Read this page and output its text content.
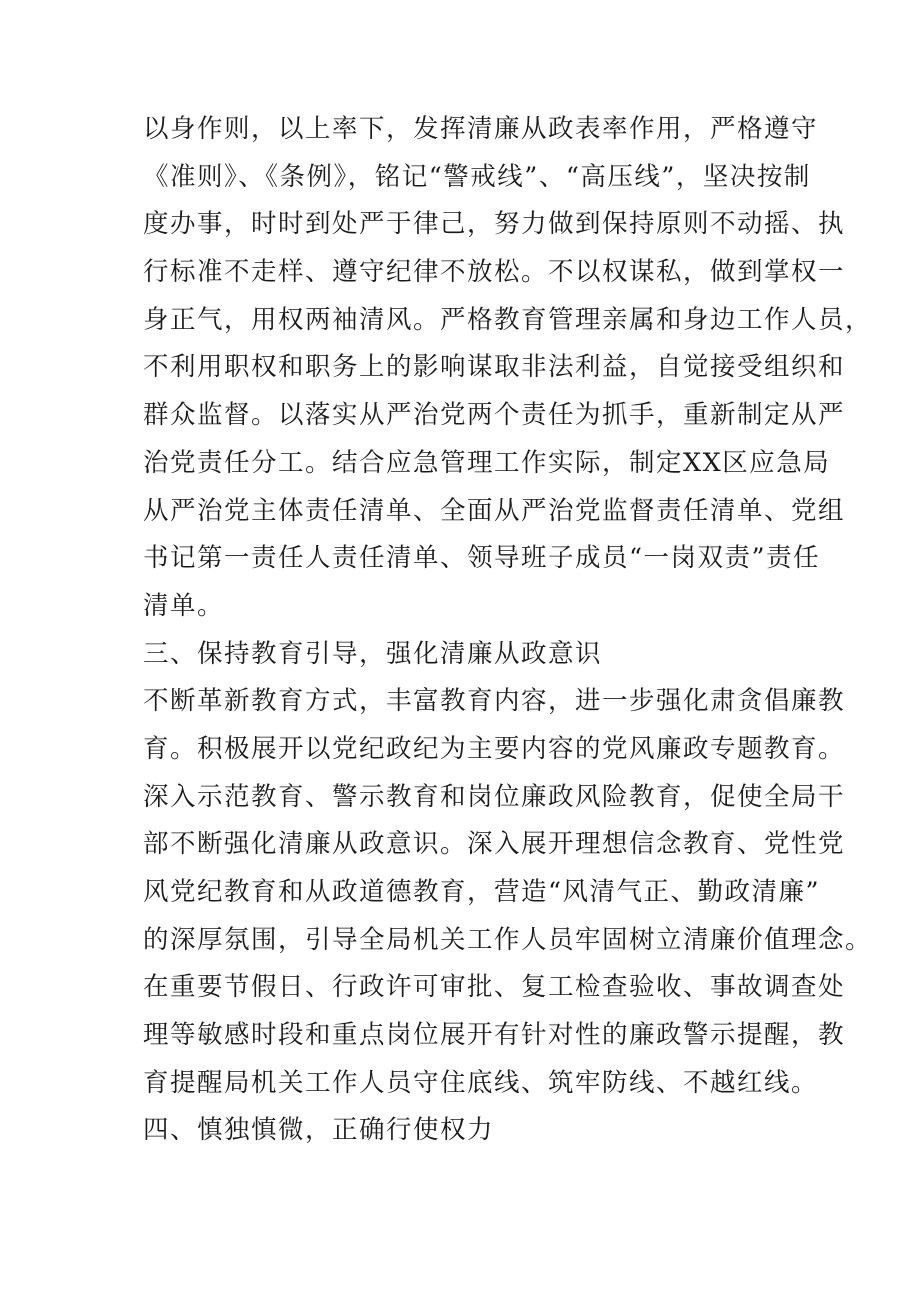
以身作则，以上率下，发挥清廉从政表率作用，严格遵守
《准则》、《条例》，铭记“警戒线”、“高压线”，坚决按制
度办事，时时到处严于律己，努力做到保持原则不动摇、执
行标准不走样、遵守纪律不放松。不以权谋私，做到掌权一
身正气，用权两袖清风。严格教育管理亲属和身边工作人员，
不利用职权和职务上的影响谋取非法利益，自觉接受组织和
群众监督。以落实从严治党两个责任为抓手，重新制定从严
治党责任分工。结合应急管理工作实际，制定XX区应急局
从严治党主体责任清单、全面从严治党监督责任清单、党组
书记第一责任人责任清单、领导班子成员“一岗双责”责任
清单。
三、保持教育引导，强化清廉从政意识
不断革新教育方式，丰富教育内容，进一步强化肃贪倡廉教
育。积极展开以党纪政纪为主要内容的党风廉政专题教育。
深入示范教育、警示教育和岗位廉政风险教育，促使全局干
部不断强化清廉从政意识。深入展开理想信念教育、党性党
风党纪教育和从政道德教育，营造“风清气正、勤政清廉”
的深厚氛围，引导全局机关工作人员牢固树立清廉价值理念。
在重要节假日、行政许可审批、复工检查验收、事故调查处
理等敏感时段和重点岗位展开有针对性的廉政警示提醒，教
育提醒局机关工作人员守住底线、筑牢防线、不越红线。
四、慎独慎微，正确行使权力
